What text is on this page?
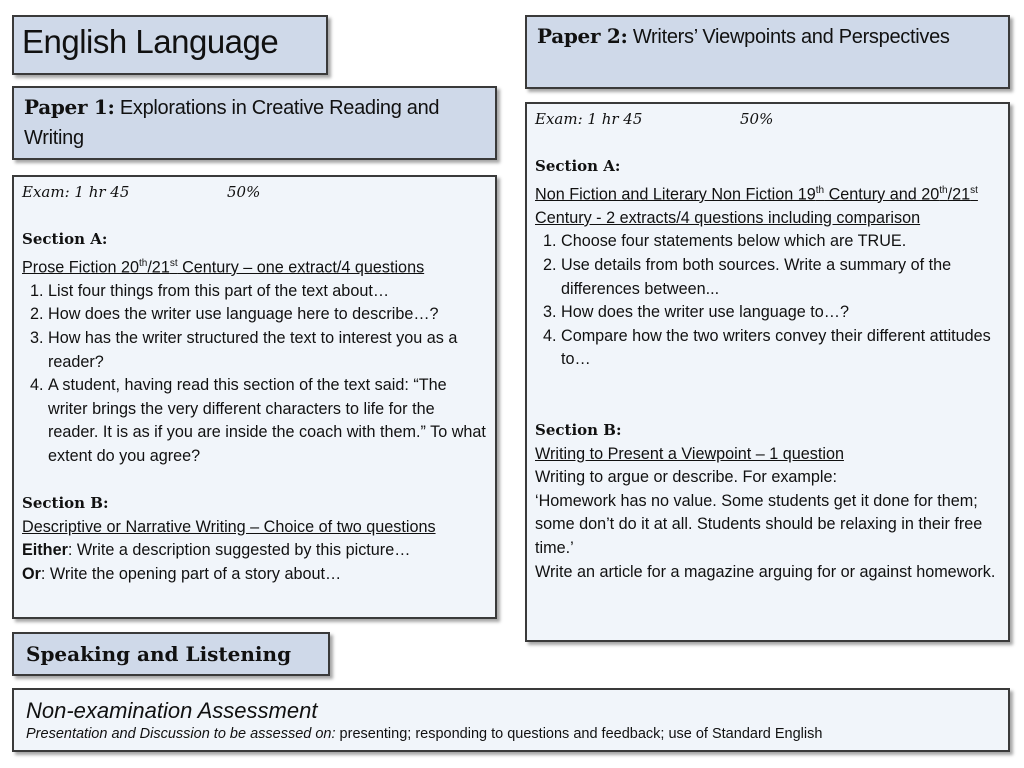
English Language
Paper 1: Explorations in Creative Reading and Writing

Exam: 1 hr 45	50%

Section A:

Prose Fiction 20th/21st Century – one extract/4 questions

1. List four things from this part of the text about…
2. How does the writer use language here to describe…?
3. How has the writer structured the text to interest you as a reader?
4. A student, having read this section of the text said: “The writer brings the very different characters to life for the reader. It is as if you are inside the coach with them.” To what extent do you agree?

Section B:

Descriptive or Narrative Writing – Choice of two questions

Either: Write a description suggested by this picture…

Or: Write the opening part of a story about…

Paper 2: Writers’ Viewpoints and Perspectives

Exam: 1 hr 45	50%

Section A:

Non Fiction and Literary Non Fiction 19th Century and 20th/21st Century - 2 extracts/4 questions including comparison

1. Choose four statements below which are TRUE.
2. Use details from both sources. Write a summary of the differences between...
3. How does the writer use language to…?
4. Compare how the two writers convey their different attitudes to…

Section B:

Writing to Present a Viewpoint – 1 question

Writing to argue or describe. For example:

‘Homework has no value. Some students get it done for them; some don’t do it at all. Students should be relaxing in their free time.’

Write an article for a magazine arguing for or against homework.

Speaking and Listening
Non-examination Assessment
Presentation and Discussion to be assessed on: presenting; responding to questions and feedback; use of Standard English
